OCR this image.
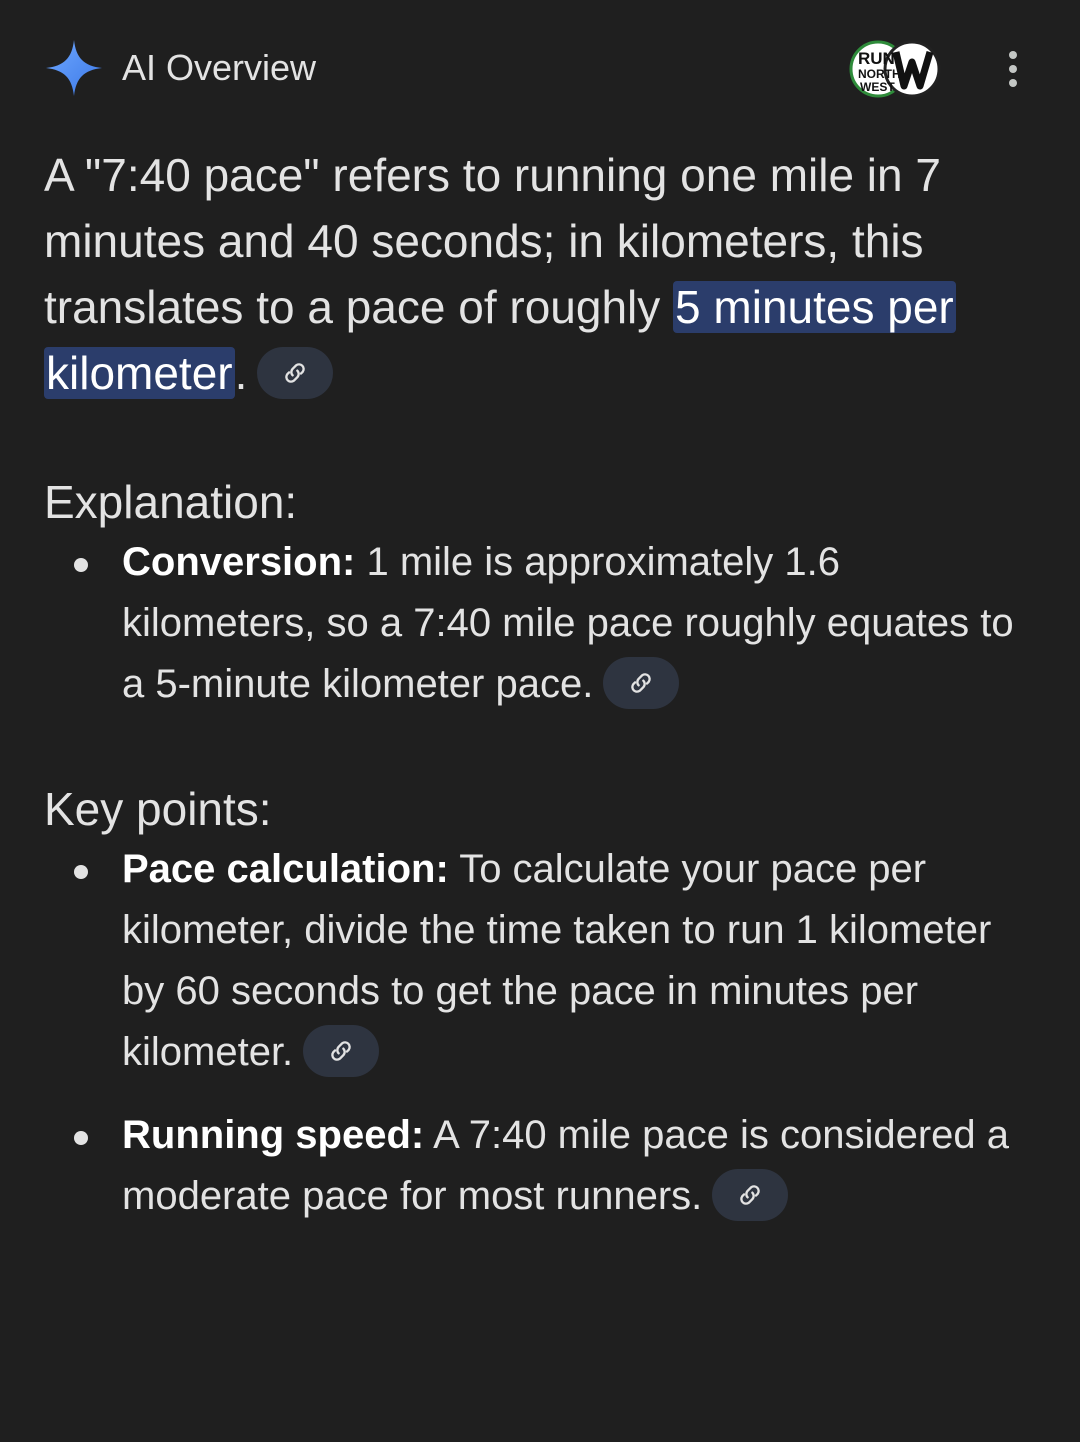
AI Overview	RUN
NORTH
WEST

A "7:40 pace" refers to running one mile in 7 minutes and 40 seconds; in kilometers, this translates to a pace of roughly 5 minutes per kilometer.

Explanation:
Conversion: 1 mile is approximately 1.6 kilometers, so a 7:40 mile pace roughly equates to a 5-minute kilometer pace.
Key points:
Pace calculation: To calculate your pace per kilometer, divide the time taken to run 1 kilometer by 60 seconds to get the pace in minutes per kilometer.
Running speed: A 7:40 mile pace is considered a moderate pace for most runners.
